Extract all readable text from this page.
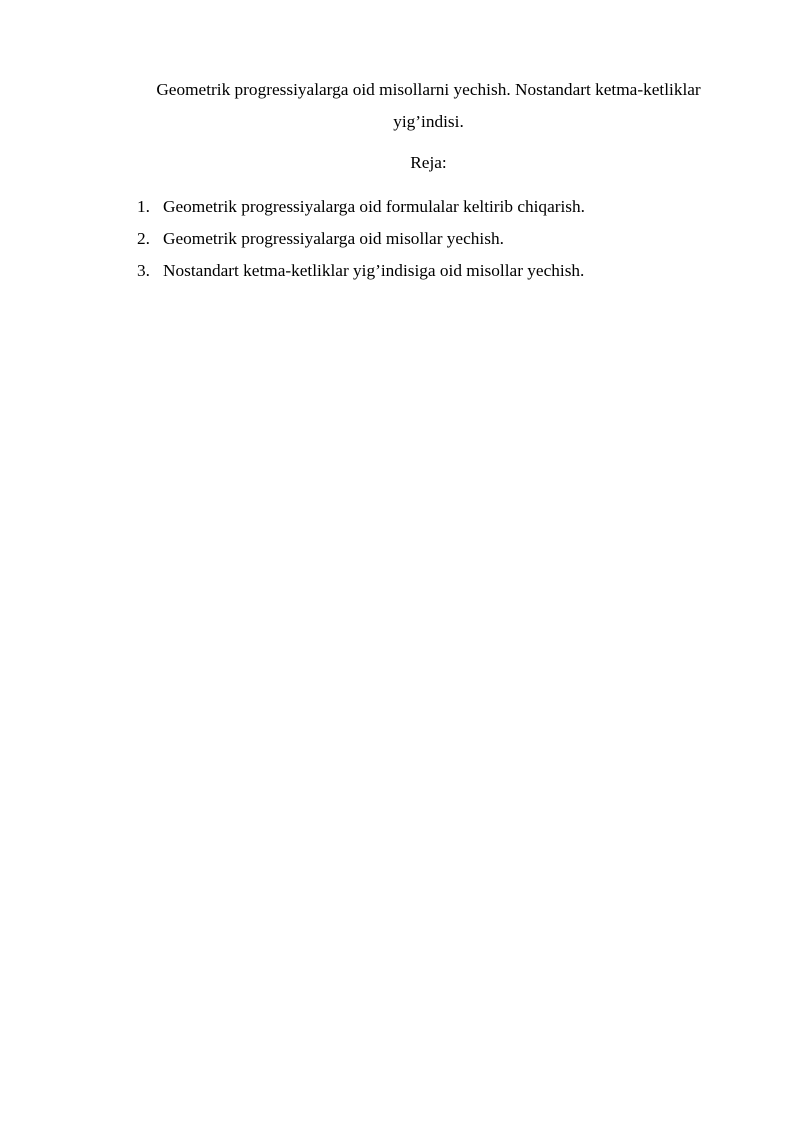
Geometrik progressiyalarga oid misollarni yechish. Nostandart ketma-ketliklar
yig’indisi.

Reja:

1. Geometrik progressiyalarga oid formulalar keltirib chiqarish.
2. Geometrik progressiyalarga oid misollar yechish.
3. Nostandart ketma-ketliklar yig’indisiga oid misollar yechish.
